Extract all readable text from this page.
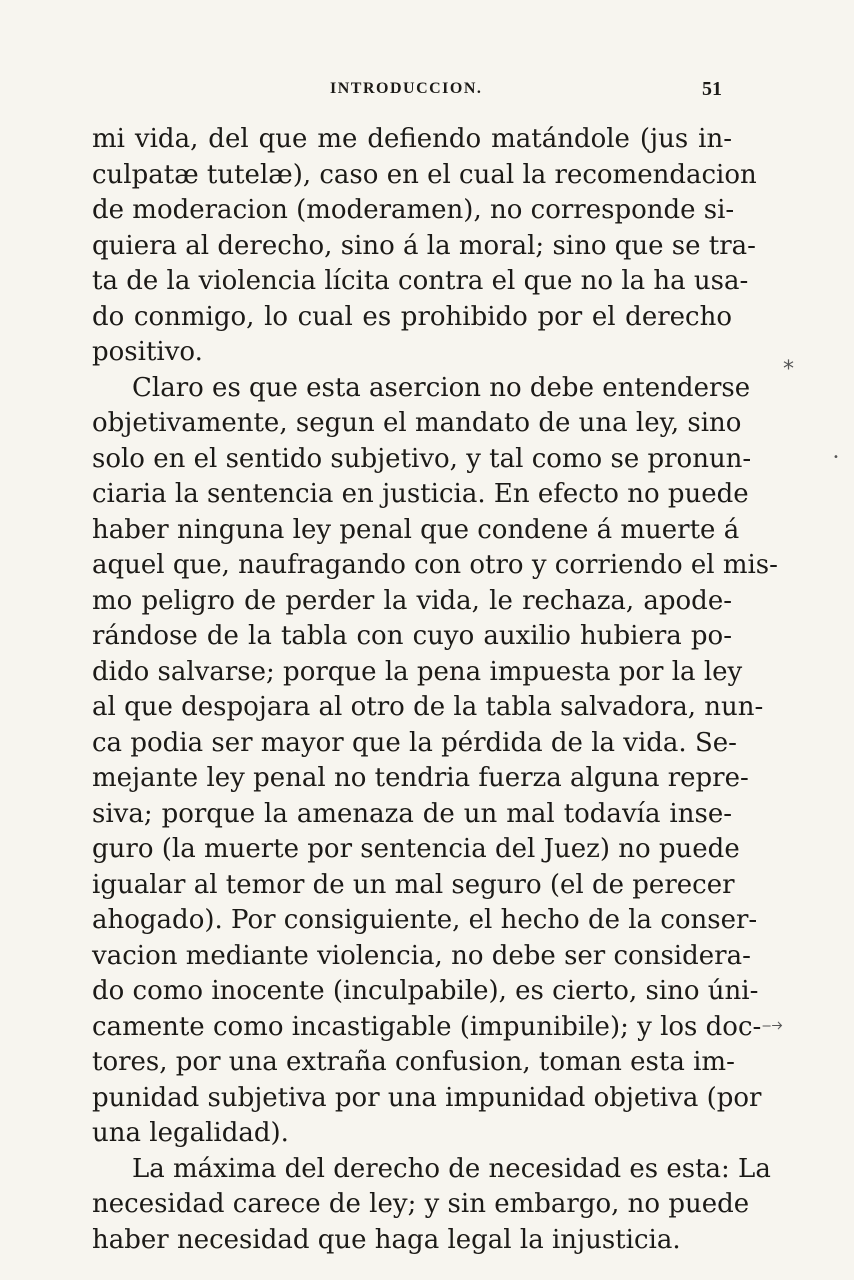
INTRODUCCION.	51
mi vida, del que me defiendo matándole (jus in-
culpatæ tutelæ), caso en el cual la recomendacion
de moderacion (moderamen), no corresponde si-
quiera al derecho, sino á la moral; sino que se tra-
ta de la violencia lícita contra el que no la ha usa-
do conmigo, lo cual es prohibido por el derecho
positivo.
Claro es que esta asercion no debe entenderse
objetivamente, segun el mandato de una ley, sino
solo en el sentido subjetivo, y tal como se pronun-
ciaria la sentencia en justicia. En efecto no puede
haber ninguna ley penal que condene á muerte á
aquel que, naufragando con otro y corriendo el mis-
mo peligro de perder la vida, le rechaza, apode-
rándose de la tabla con cuyo auxilio hubiera po-
dido salvarse; porque la pena impuesta por la ley
al que despojara al otro de la tabla salvadora, nun-
ca podia ser mayor que la pérdida de la vida. Se-
mejante ley penal no tendria fuerza alguna repre-
siva; porque la amenaza de un mal todavía inse-
guro (la muerte por sentencia del Juez) no puede
igualar al temor de un mal seguro (el de perecer
ahogado). Por consiguiente, el hecho de la conser-
vacion mediante violencia, no debe ser considera-
do como inocente (inculpabile), es cierto, sino úni-
camente como incastigable (impunibile); y los doc-
tores, por una extraña confusion, toman esta im-
punidad subjetiva por una impunidad objetiva (por
una legalidad).
La máxima del derecho de necesidad es esta: La
necesidad carece de ley; y sin embargo, no puede
haber necesidad que haga legal la injusticia.
⁎
•
⤍
